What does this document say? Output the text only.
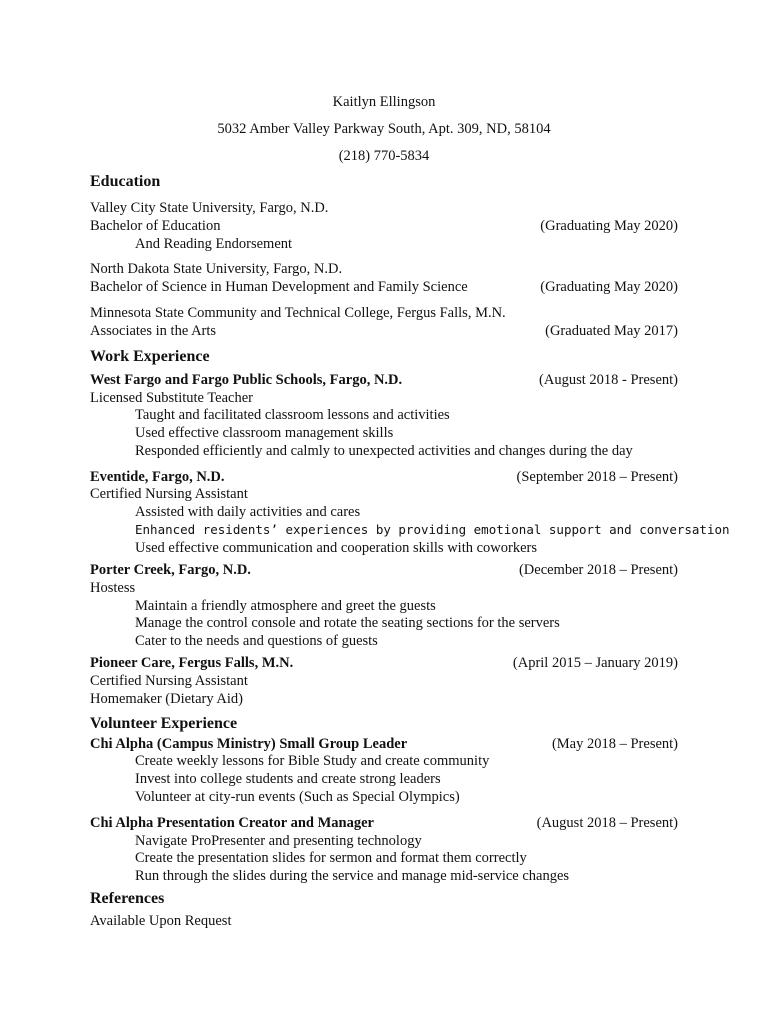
Kaitlyn Ellingson
5032 Amber Valley Parkway South, Apt. 309, ND, 58104
(218) 770-5834
Education
Valley City State University, Fargo, N.D.
Bachelor of Education	(Graduating May 2020)
And Reading Endorsement
North Dakota State University, Fargo, N.D.
Bachelor of Science in Human Development and Family Science	(Graduating May 2020)
Minnesota State Community and Technical College, Fergus Falls, M.N.
Associates in the Arts	(Graduated May 2017)
Work Experience
West Fargo and Fargo Public Schools, Fargo, N.D.	(August 2018 - Present)
Licensed Substitute Teacher
Taught and facilitated classroom lessons and activities
Used effective classroom management skills
Responded efficiently and calmly to unexpected activities and changes during the day
Eventide, Fargo, N.D.	(September 2018 – Present)
Certified Nursing Assistant
Assisted with daily activities and cares
Enhanced residents’ experiences by providing emotional support and conversation
Used effective communication and cooperation skills with coworkers
Porter Creek, Fargo, N.D.	(December 2018 – Present)
Hostess
Maintain a friendly atmosphere and greet the guests
Manage the control console and rotate the seating sections for the servers
Cater to the needs and questions of guests
Pioneer Care, Fergus Falls, M.N.	(April 2015 – January 2019)
Certified Nursing Assistant
Homemaker (Dietary Aid)
Volunteer Experience
Chi Alpha (Campus Ministry) Small Group Leader	(May 2018 – Present)
Create weekly lessons for Bible Study and create community
Invest into college students and create strong leaders
Volunteer at city-run events (Such as Special Olympics)
Chi Alpha Presentation Creator and Manager	(August 2018 – Present)
Navigate ProPresenter and presenting technology
Create the presentation slides for sermon and format them correctly
Run through the slides during the service and manage mid-service changes
References
Available Upon Request
